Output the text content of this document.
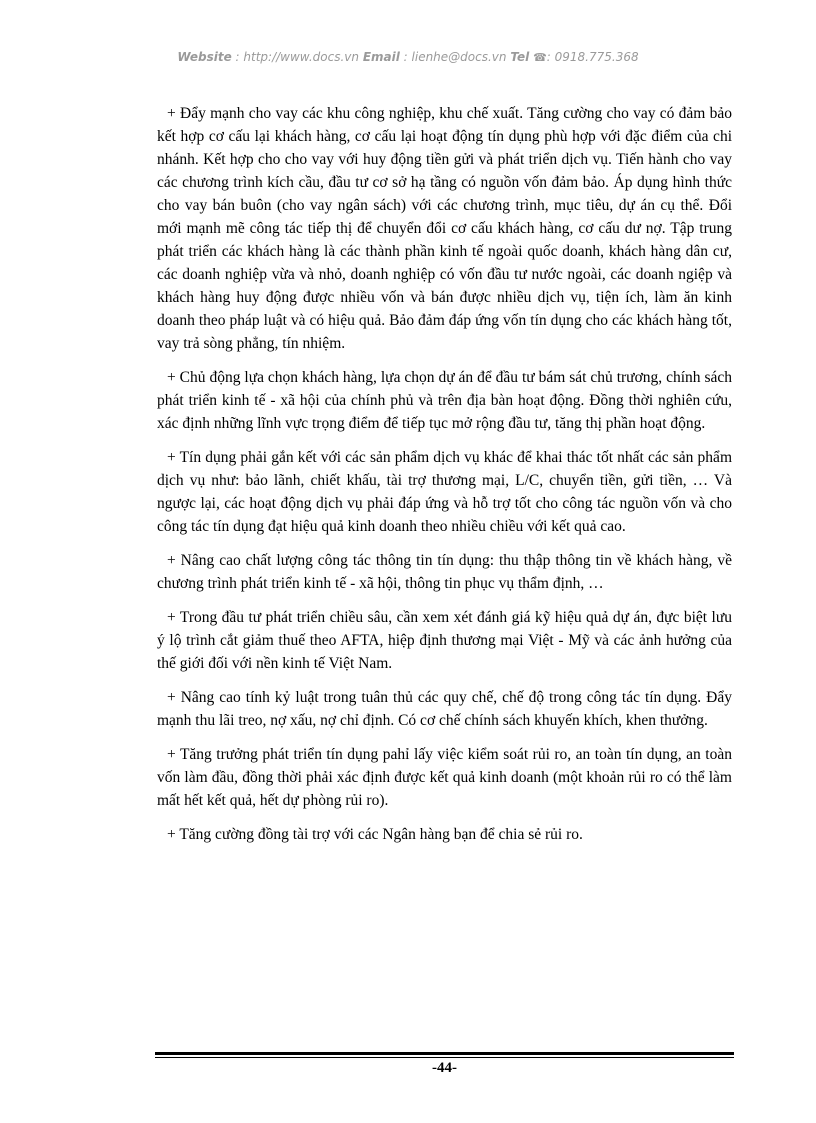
Website : http://www.docs.vn Email : lienhe@docs.vn Tel ☎: 0918.775.368

+ Đẩy mạnh cho vay các khu công nghiệp, khu chế xuất. Tăng cường cho vay có đảm bảo kết hợp cơ cấu lại khách hàng, cơ cấu lại hoạt động tín dụng phù hợp với đặc điểm của chi nhánh. Kết hợp cho cho vay với huy động tiền gửi và phát triển dịch vụ. Tiến hành cho vay các chương trình kích cầu, đầu tư cơ sở hạ tầng có nguồn vốn đảm bảo. Áp dụng hình thức cho vay bán buôn (cho vay ngân sách) với các chương trình, mục tiêu, dự án cụ thể. Đổi mới mạnh mẽ công tác tiếp thị để chuyển đổi cơ cấu khách hàng, cơ cấu dư nợ. Tập trung phát triển các khách hàng là các thành phần kinh tế ngoài quốc doanh, khách hàng dân cư, các doanh nghiệp vừa và nhỏ, doanh nghiệp có vốn đầu tư nước ngoài, các doanh ngiệp và khách hàng huy động được nhiều vốn và bán được nhiều dịch vụ, tiện ích, làm ăn kinh doanh theo pháp luật và có hiệu quả. Bảo đảm đáp ứng vốn tín dụng cho các khách hàng tốt, vay trả sòng phẳng, tín nhiệm.

+ Chủ động lựa chọn khách hàng, lựa chọn dự án để đầu tư bám sát chủ trương, chính sách phát triển kinh tế - xã hội của chính phủ và trên địa bàn hoạt động. Đồng thời nghiên cứu, xác định những lĩnh vực trọng điểm để tiếp tục mở rộng đầu tư, tăng thị phần hoạt động.

+ Tín dụng phải gắn kết với các sản phẩm dịch vụ khác để khai thác tốt nhất các sản phẩm dịch vụ như: bảo lãnh, chiết khấu, tài trợ thương mại, L/C, chuyển tiền, gửi tiền, … Và ngược lại, các hoạt động dịch vụ phải đáp ứng và hỗ trợ tốt cho công tác nguồn vốn và cho công tác tín dụng đạt hiệu quả kinh doanh theo nhiều chiều với kết quả cao.

+ Nâng cao chất lượng công tác thông tin tín dụng: thu thập thông tin về khách hàng, về chương trình phát triển kinh tế - xã hội, thông tin phục vụ thẩm định, …

+ Trong đầu tư phát triển chiều sâu, cần xem xét đánh giá kỹ hiệu quả dự án, đực biệt lưu ý lộ trình cắt giảm thuế theo AFTA, hiệp định thương mại Việt - Mỹ và các ảnh hưởng của thế giới đối với nền kinh tế Việt Nam.

+ Nâng cao tính kỷ luật trong tuân thủ các quy chế, chế độ trong công tác tín dụng. Đẩy mạnh thu lãi treo, nợ xấu, nợ chỉ định. Có cơ chế chính sách khuyến khích, khen thưởng.

+ Tăng trưởng phát triển tín dụng pahỉ lấy việc kiểm soát rủi ro, an toàn tín dụng, an toàn vốn làm đầu, đồng thời phải xác định được kết quả kinh doanh (một khoản rủi ro có thể làm mất hết kết quả, hết dự phòng rủi ro).

+ Tăng cường đồng tài trợ với các Ngân hàng bạn để chia sẻ rủi ro.

-44-
